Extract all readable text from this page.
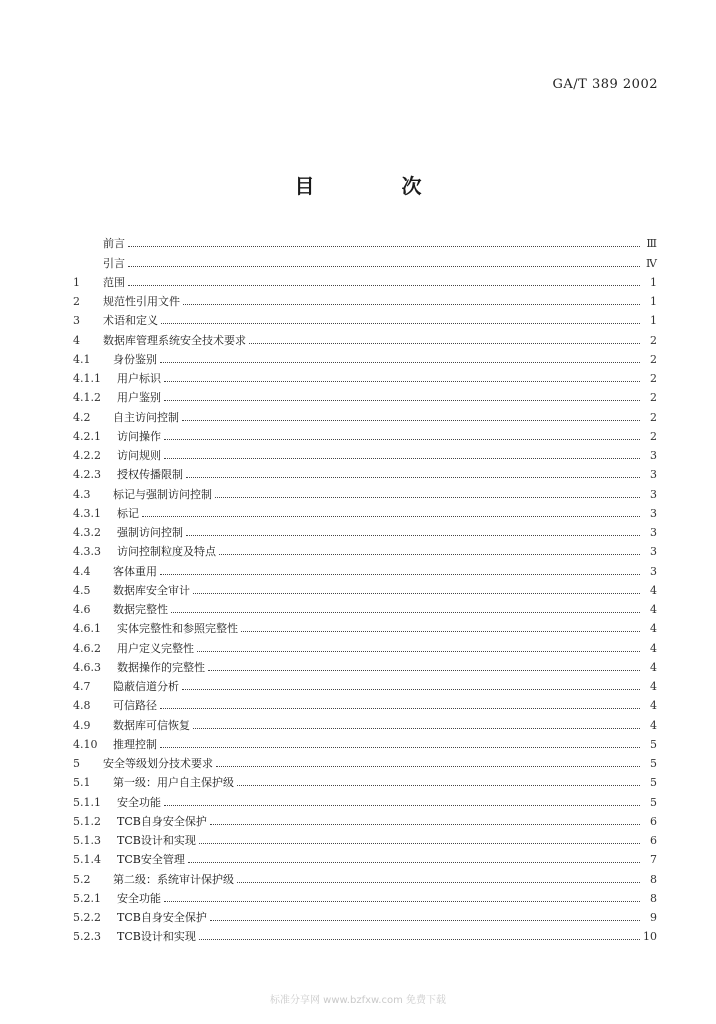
GA/T 389 2002
目 次
前言	Ⅲ
引言	Ⅳ
1	范围	1
2	规范性引用文件	1
3	术语和定义	1
4	数据库管理系统安全技术要求	2
4.1	身份鉴别	2
4.1.1	用户标识	2
4.1.2	用户鉴别	2
4.2	自主访问控制	2
4.2.1	访问操作	2
4.2.2	访问规则	3
4.2.3	授权传播限制	3
4.3	标记与强制访问控制	3
4.3.1	标记	3
4.3.2	强制访问控制	3
4.3.3	访问控制粒度及特点	3
4.4	客体重用	3
4.5	数据库安全审计	4
4.6	数据完整性	4
4.6.1	实体完整性和参照完整性	4
4.6.2	用户定义完整性	4
4.6.3	数据操作的完整性	4
4.7	隐蔽信道分析	4
4.8	可信路径	4
4.9	数据库可信恢复	4
4.10	推理控制	5
5	安全等级划分技术要求	5
5.1	第一级：用户自主保护级	5
5.1.1	安全功能	5
5.1.2	TCB自身安全保护	6
5.1.3	TCB设计和实现	6
5.1.4	TCB安全管理	7
5.2	第二级：系统审计保护级	8
5.2.1	安全功能	8
5.2.2	TCB自身安全保护	9
5.2.3	TCB设计和实现	10
标准分享网 www.bzfxw.com 免费下载
